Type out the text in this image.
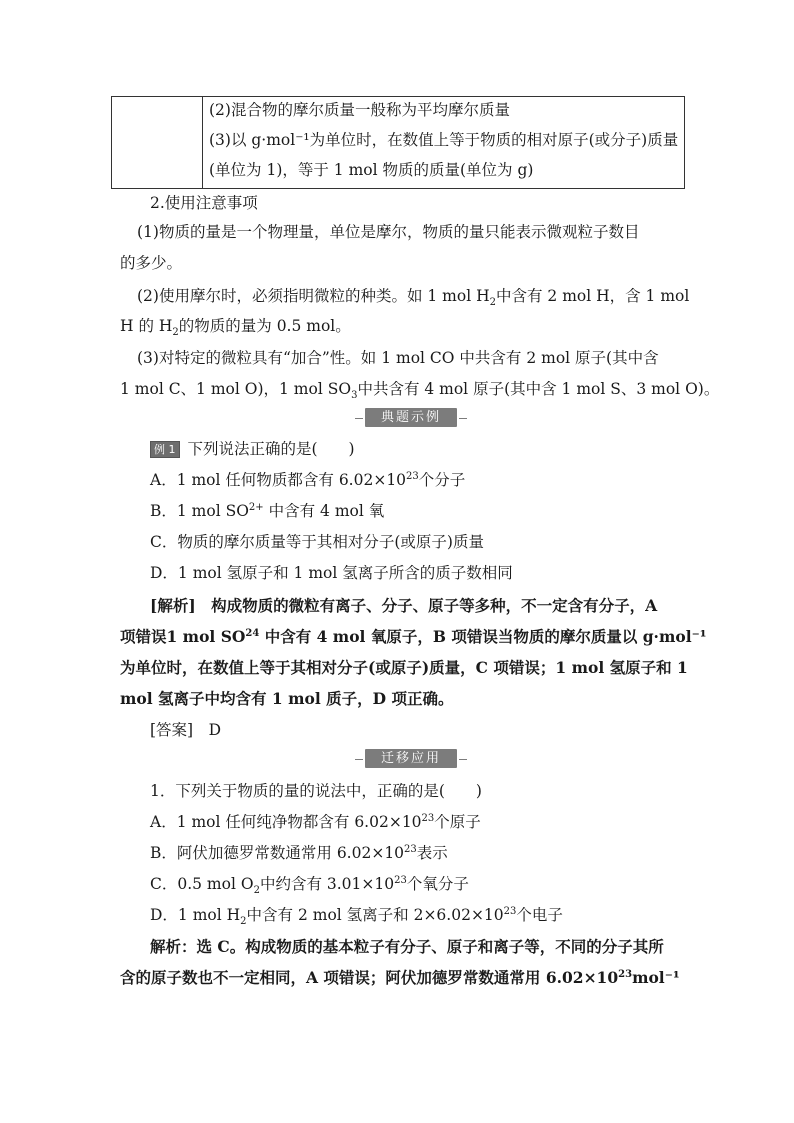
(2)混合物的摩尔质量一般称为平均摩尔质量
(3)以 g·mol⁻¹为单位时，在数值上等于物质的相对原子(或分子)质量
(单位为 1)，等于 1 mol 物质的质量(单位为 g)
2.使用注意事项
(1)物质的量是一个物理量，单位是摩尔，物质的量只能表示微观粒子数目
的多少。
(2)使用摩尔时，必须指明微粒的种类。如 1 mol $H_2$中含有 2 mol H，含 1 mol
H 的 $H_2$的物质的量为 0.5 mol。
(3)对特定的微粒具有“加合”性。如 1 mol CO 中共含有 2 mol 原子(其中含
1 mol C、1 mol O)，1 mol $SO_3$中共含有 4 mol 原子(其中含 1 mol S、3 mol O)。
典题示例
例 1 下列说法正确的是(　　)
A．1 mol 任何物质都含有 $6.02\times 10^{23}$个分子
B．1 mol $SO^{2+}$ 中含有 4 mol 氧
C．物质的摩尔质量等于其相对分子(或原子)质量
D．1 mol 氢原子和 1 mol 氢离子所含的质子数相同
[解析]　构成物质的微粒有离子、分子、原子等多种，不一定含有分子，A
项错误1 mol SO$^{24}$ 中含有 4 mol 氧原子，B 项错误当物质的摩尔质量以 g·mol⁻¹
为单位时，在数值上等于其相对分子(或原子)质量，C 项错误；1 mol 氢原子和 1
mol 氢离子中均含有 1 mol 质子，D 项正确。
[答案]　D
迁移应用
1．下列关于物质的量的说法中，正确的是(　　)
A．1 mol 任何纯净物都含有 $6.02\times 10^{23}$个原子
B．阿伏加德罗常数通常用 $6.02\times 10^{23}$表示
C．0.5 mol $O_2$中约含有 $3.01\times 10^{23}$个氧分子
D．1 mol $H_2$中含有 2 mol 氢离子和 $2\times 6.02\times 10^{23}$个电子
解析：选 C。构成物质的基本粒子有分子、原子和离子等，不同的分子其所
含的原子数也不一定相同，A 项错误；阿伏加德罗常数通常用 $6.02\times 10^{23}mol^{-1}$
